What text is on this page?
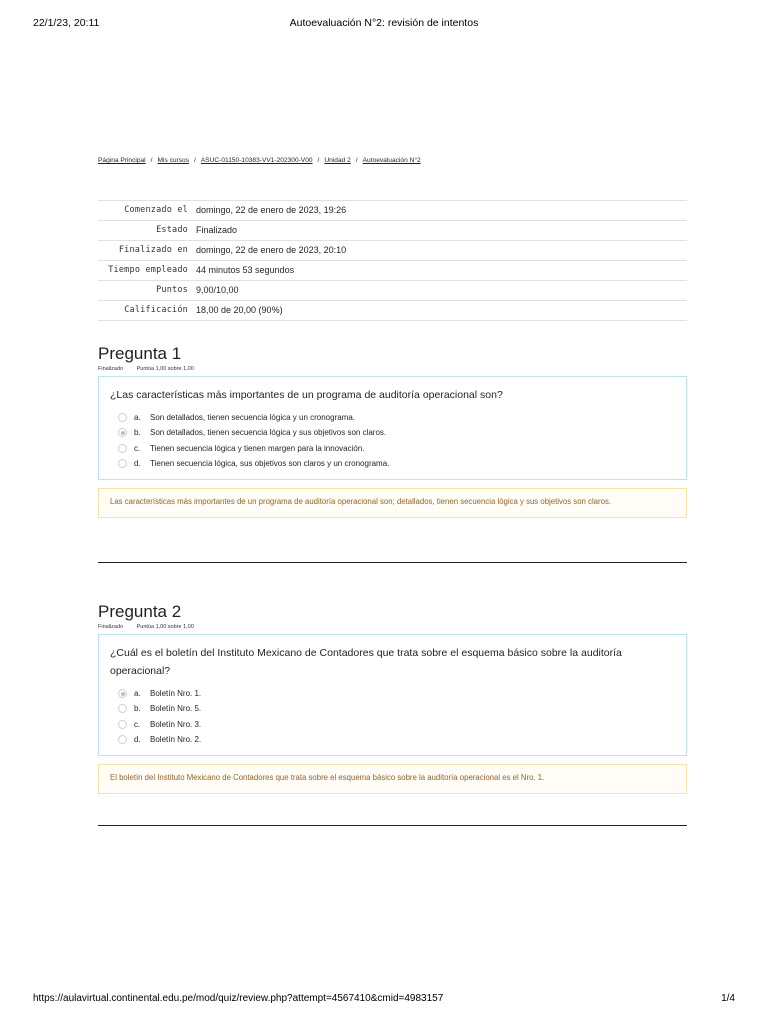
22/1/23, 20:11	Autoevaluación N°2: revisión de intentos
Página Principal / Mis cursos / ASUC-01150-10383-VV1-202300-V00 / Unidad 2 / Autoevaluación N°2
Comenzado el	domingo, 22 de enero de 2023, 19:26
Estado	Finalizado
Finalizado en	domingo, 22 de enero de 2023, 20:10
Tiempo empleado	44 minutos 53 segundos
Puntos	9,00/10,00
Calificación	18,00 de 20,00 (90%)
Pregunta 1
Finalizado Puntúa 1,00 sobre 1,00
¿Las características más importantes de un programa de auditoría operacional son?
a.	Son detallados, tienen secuencia lógica y un cronograma.
b.	Son detallados, tienen secuencia lógica y sus objetivos son claros.
c.	Tienen secuencia lógica y tienen margen para la innovación.
d.	Tienen secuencia lógica, sus objetivos son claros y un cronograma.
Las características más importantes de un programa de auditoría operacional son; detallados, tienen secuencia lógica y sus objetivos son claros.
Pregunta 2
Finalizado Puntúa 1,00 sobre 1,00
¿Cuál es el boletín del Instituto Mexicano de Contadores que trata sobre el esquema básico sobre la auditoría operacional?
a.	Boletín Nro. 1.
b.	Boletín Nro. 5.
c.	Boletín Nro. 3.
d.	Boletín Nro. 2.
El boletín del Instituto Mexicano de Contadores que trata sobre el esquema básico sobre la auditoría operacional es el Nro. 1.
https://aulavirtual.continental.edu.pe/mod/quiz/review.php?attempt=4567410&cmid=4983157	1/4
